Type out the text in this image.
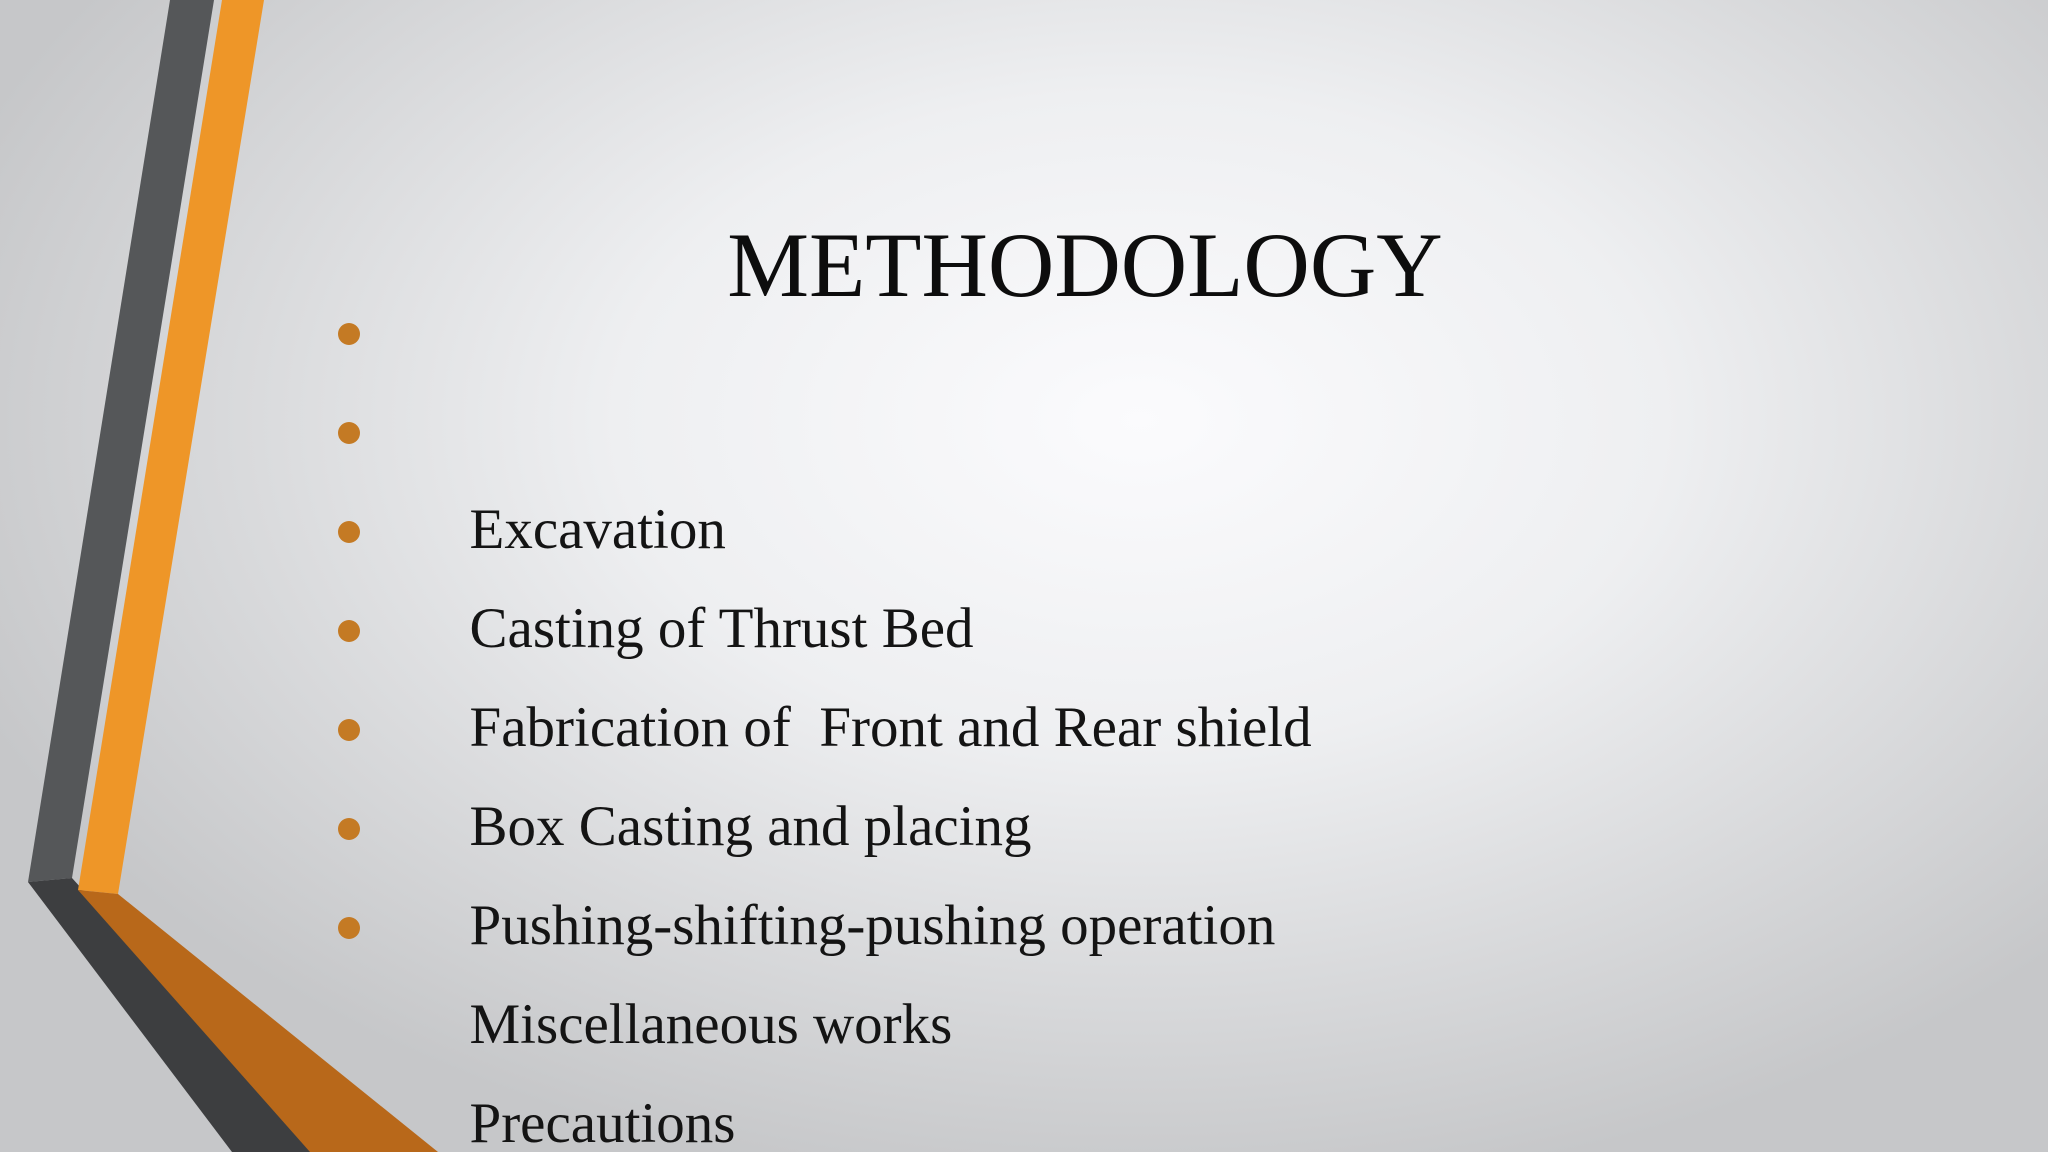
METHODOLOGY

Excavation

Casting of Thrust Bed

Fabrication of  Front and Rear shield

Box Casting and placing

Pushing-shifting-pushing operation

Miscellaneous works

Precautions
